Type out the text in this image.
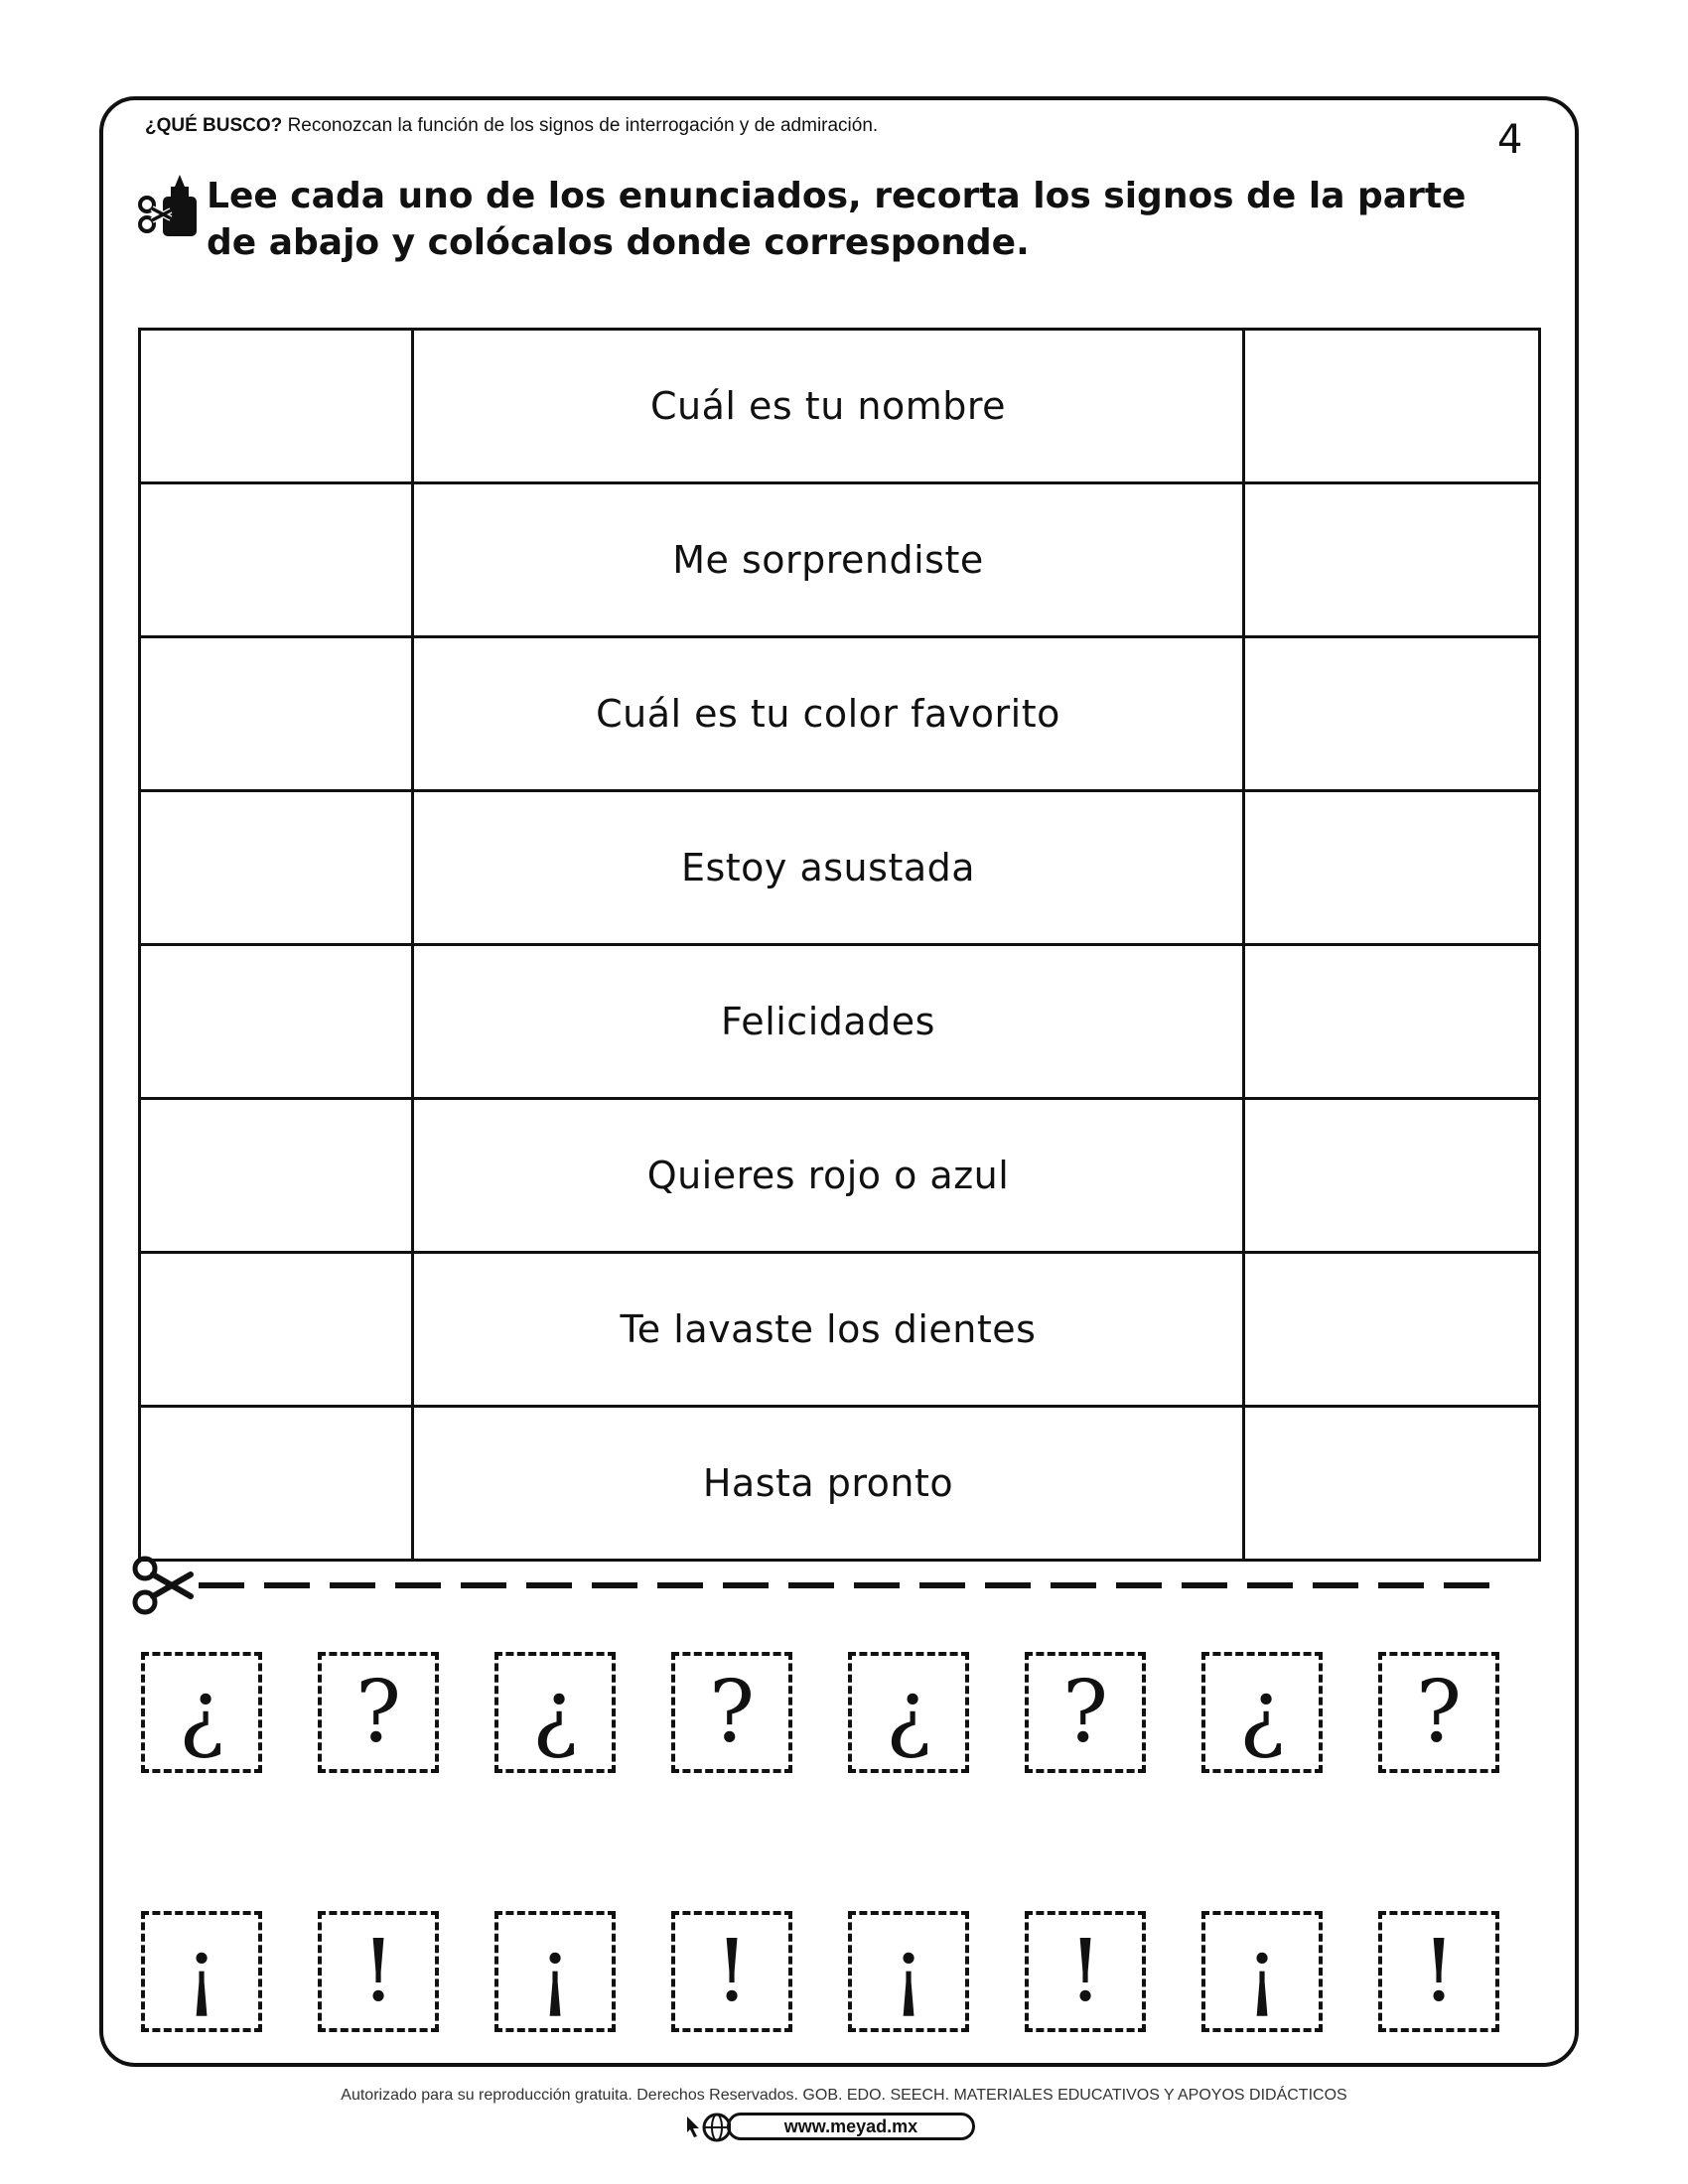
¿QUÉ BUSCO? Reconozcan la función de los signos de interrogación y de admiración.	4
Lee cada uno de los enunciados, recorta los signos de la parte de abajo y colócalos donde corresponde.
	Cuál es tu nombre	
	Me sorprendiste	
	Cuál es tu color favorito	
	Estoy asustada	
	Felicidades	
	Quieres rojo o azul	
	Te lavaste los dientes	
	Hasta pronto	
¿ ? ¿ ? ¿ ? ¿ ?
¡ ! ¡ ! ¡ ! ¡ !
Autorizado para su reproducción gratuita. Derechos Reservados. GOB. EDO. SEECH. MATERIALES EDUCATIVOS Y APOYOS DIDÁCTICOS
www.meyad.mx
